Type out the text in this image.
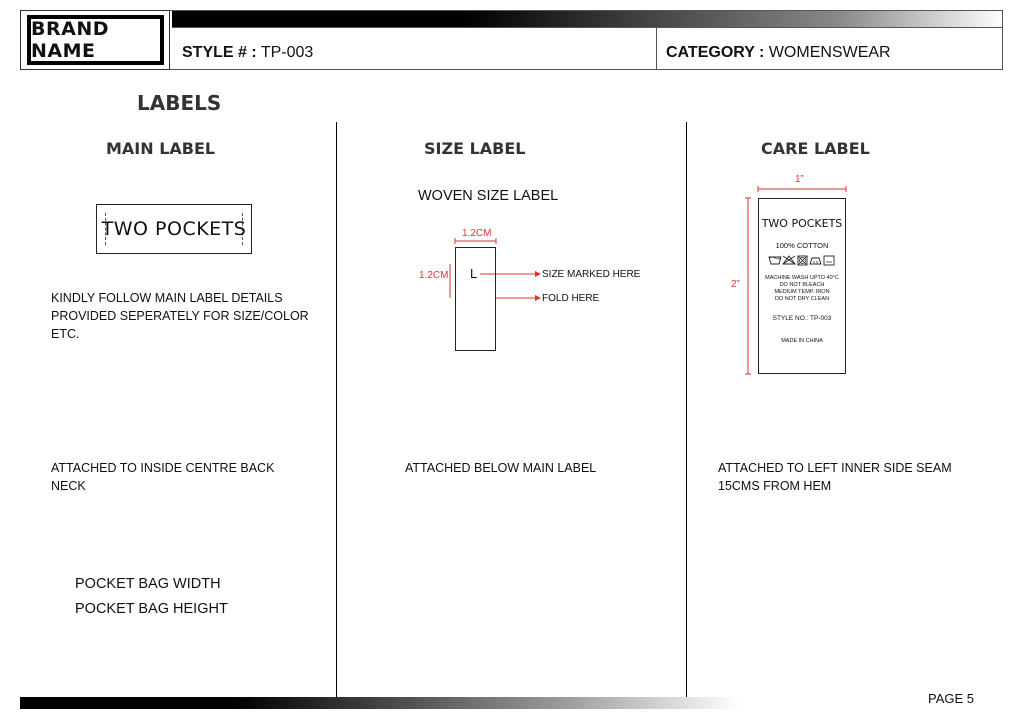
BRAND NAME	STYLE # : TP-003	CATEGORY : WOMENSWEAR
LABELS
MAIN LABEL
TWO POCKETS
KINDLY FOLLOW MAIN LABEL DETAILS
PROVIDED SEPERATELY FOR SIZE/COLOR
ETC.
ATTACHED TO INSIDE CENTRE BACK
NECK
POCKET BAG WIDTH
POCKET BAG HEIGHT
SIZE LABEL
WOVEN SIZE LABEL
1.2CM
1.2CM L	SIZE MARKED HERE
FOLD HERE
ATTACHED BELOW MAIN LABEL
CARE LABEL
1”
2”
TWO POCKETS
100% COTTON
MACHINE WASH UPTO 40°C
DO NOT BLEACH
MEDIUM TEMP. IRON
DO NOT DRY CLEAN
STYLE NO.: TP-003
MADE IN CHINA
ATTACHED TO LEFT INNER SIDE SEAM
15CMS FROM HEM
PAGE 5
